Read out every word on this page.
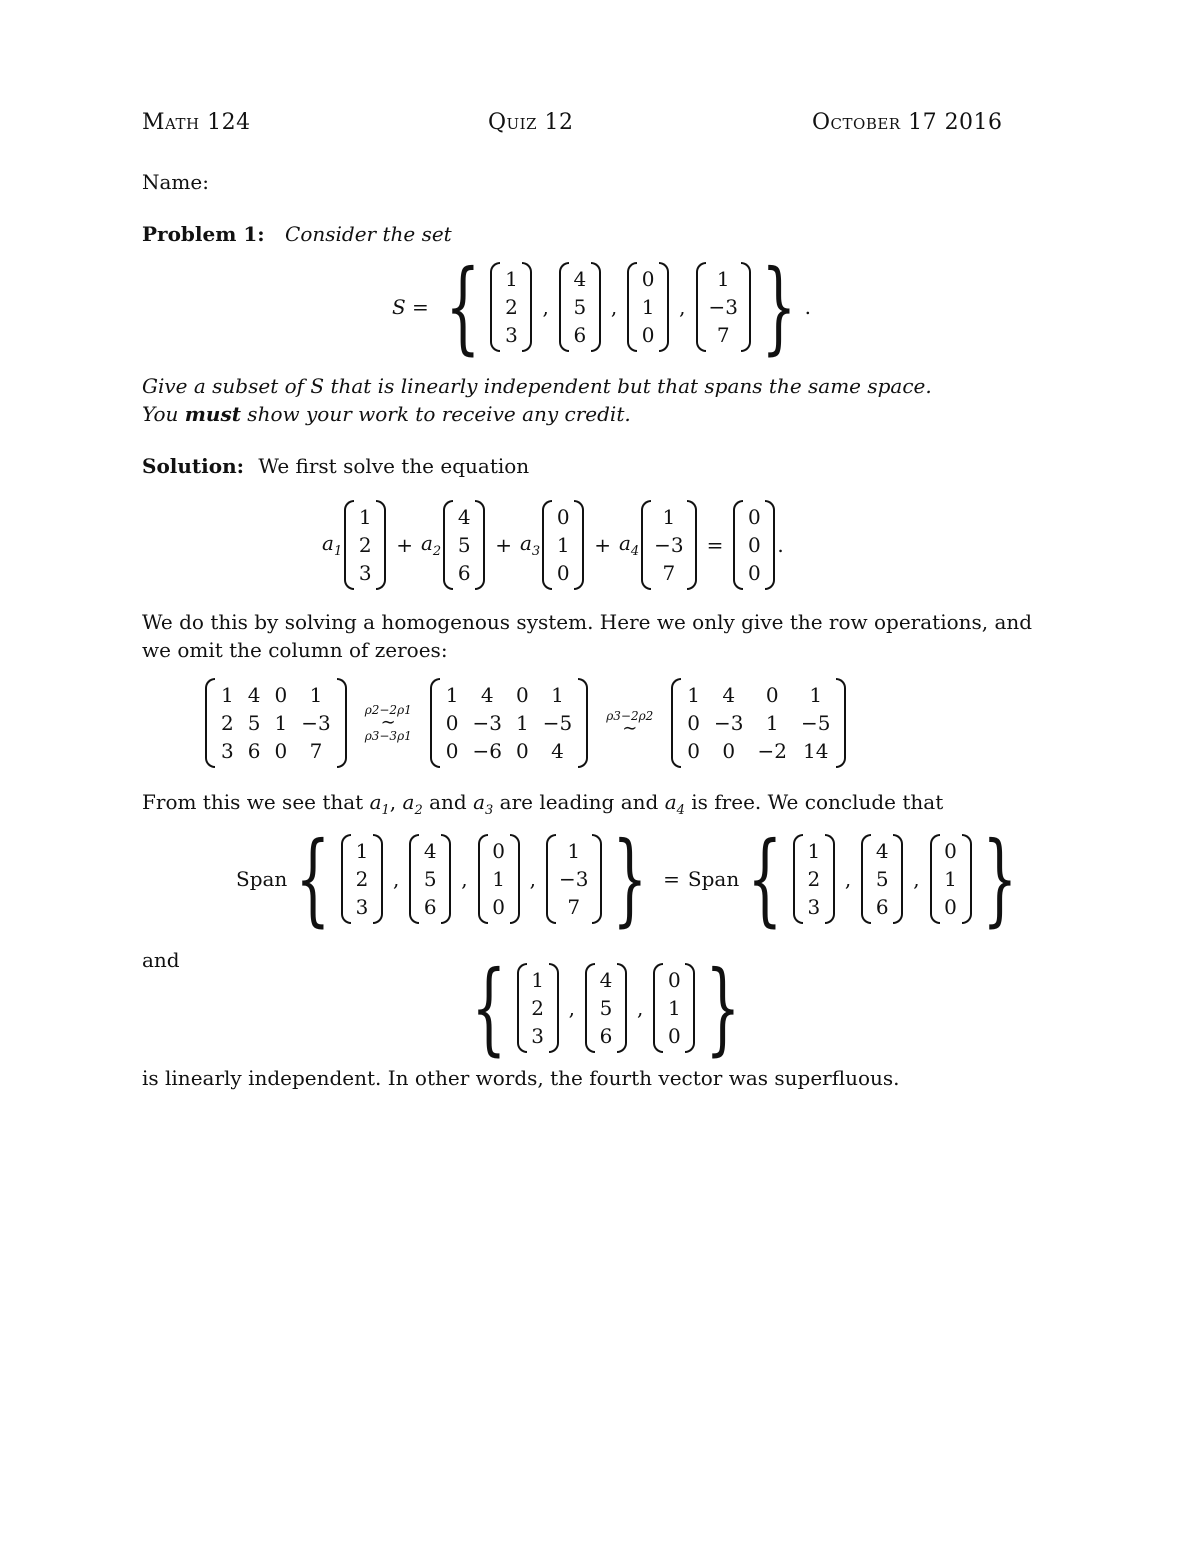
Math 124	Quiz 12	October 17 2016
Name:
Problem 1: Consider the set
S = { 1
2
3
,
4
5
6
,
0
1
0
,
1
−3
7 } .
Give a subset of S that is linearly independent but that spans the same space.
You must show your work to receive any credit.
Solution: We first solve the equation
$a_1$
1
2
3
+ $a_2$
4
5
6
+ $a_3$
0
1
0
+ $a_4$
1
−3
7
=
0
0
0
.
We do this by solving a homogenous system. Here we only give the row operations, and
we omit the column of zeroes:
1 4 0	1
2 5 1 −3
3 6 0	7
ρ2−2ρ1
∼
ρ3−3ρ1
1	4	0	1
0 −3 1 −5
0 −6 0	4
ρ3−2ρ2
∼
1	4	0	1
0 −3	1	−5
0	0	−2 14
From this we see that $a_1$, $a_2$ and $a_3$ are leading and $a_4$ is free. We conclude that
Span { 1
2
3
,
4
5
6
,
0
1
0
,
1
−3
7 } = Span { 1
2
3
,
4
5
6
,
0
1
0 }
and	{ 1
2
3
,
4
5
6
,
0
1
0 }
is linearly independent. In other words, the fourth vector was superfluous.
